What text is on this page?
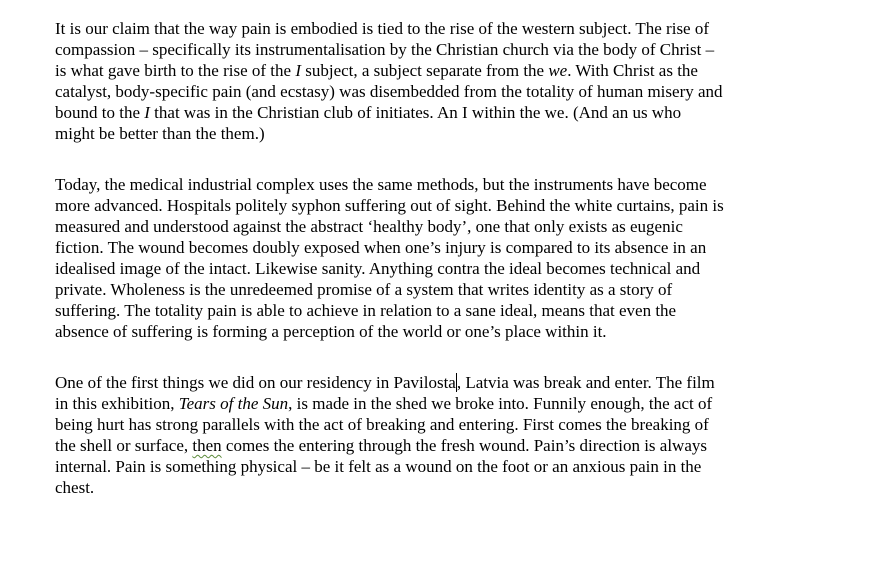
It is our claim that the way pain is embodied is tied to the rise of the western subject. The rise of
compassion – specifically its instrumentalisation by the Christian church via the body of Christ –
is what gave birth to the rise of the I subject, a subject separate from the we. With Christ as the
catalyst, body-specific pain (and ecstasy) was disembedded from the totality of human misery and
bound to the I that was in the Christian club of initiates. An I within the we. (And an us who
might be better than the them.)
Today, the medical industrial complex uses the same methods, but the instruments have become
more advanced. Hospitals politely syphon suffering out of sight. Behind the white curtains, pain is
measured and understood against the abstract ‘healthy body’, one that only exists as eugenic
fiction. The wound becomes doubly exposed when one’s injury is compared to its absence in an
idealised image of the intact. Likewise sanity. Anything contra the ideal becomes technical and
private. Wholeness is the unredeemed promise of a system that writes identity as a story of
suffering. The totality pain is able to achieve in relation to a sane ideal, means that even the
absence of suffering is forming a perception of the world or one’s place within it.
One of the first things we did on our residency in Pavilosta, Latvia was break and enter. The film
in this exhibition, Tears of the Sun, is made in the shed we broke into. Funnily enough, the act of
being hurt has strong parallels with the act of breaking and entering. First comes the breaking of
the shell or surface, then comes the entering through the fresh wound. Pain’s direction is always
internal. Pain is something physical – be it felt as a wound on the foot or an anxious pain in the
chest.
